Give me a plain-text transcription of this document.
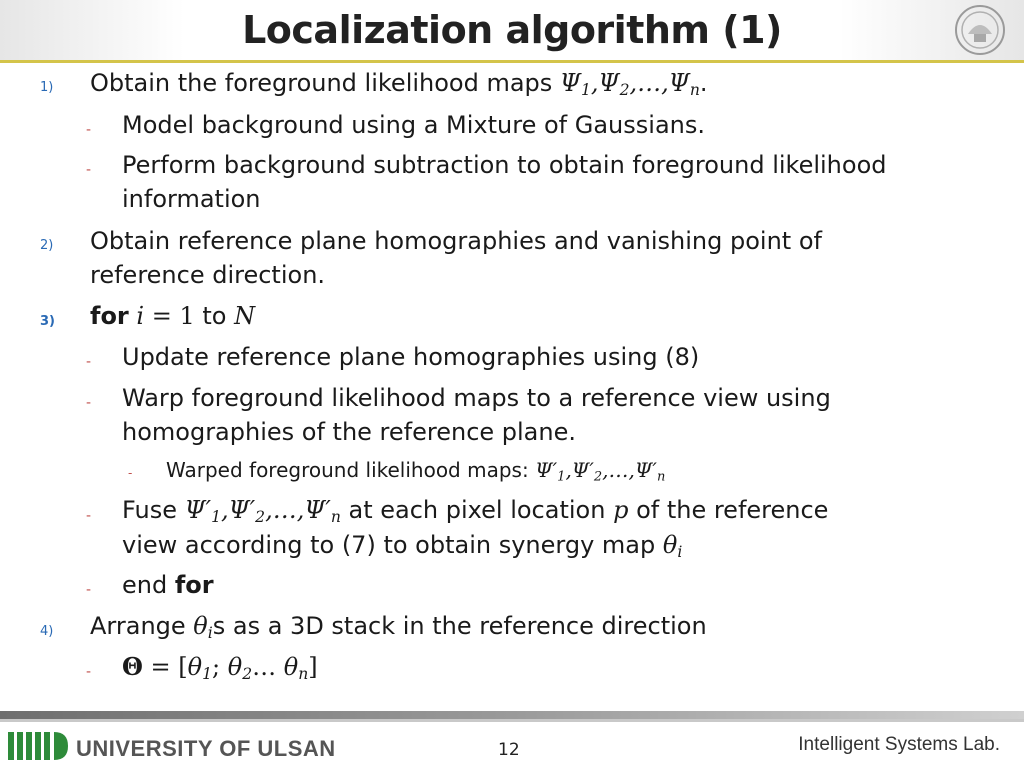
Localization algorithm (1)
1) Obtain the foreground likelihood maps $\Psi_1,\Psi_2,\dots,\Psi_n$.
- Model background using a Mixture of Gaussians.
- Perform background subtraction to obtain foreground likelihood
information
2) Obtain reference plane homographies and vanishing point of
reference direction.
3) for i = 1 to N
- Update reference plane homographies using (8)
- Warp foreground likelihood maps to a reference view using
homographies of the reference plane.
- Warped foreground likelihood maps: $\Psi'_1,\Psi'_2,\dots,\Psi'_n$
- Fuse $\Psi'_1,\Psi'_2,\dots,\Psi'_n$ at each pixel location p of the reference
view according to (7) to obtain synergy map $\theta_i$
- end for
4) Arrange $\theta_is$ as a 3D stack in the reference direction
- $\Theta = [\theta_1$; $\theta_2\dots$ $\theta_n$]
UNIVERSITY OF ULSAN	12	Intelligent Systems Lab.
